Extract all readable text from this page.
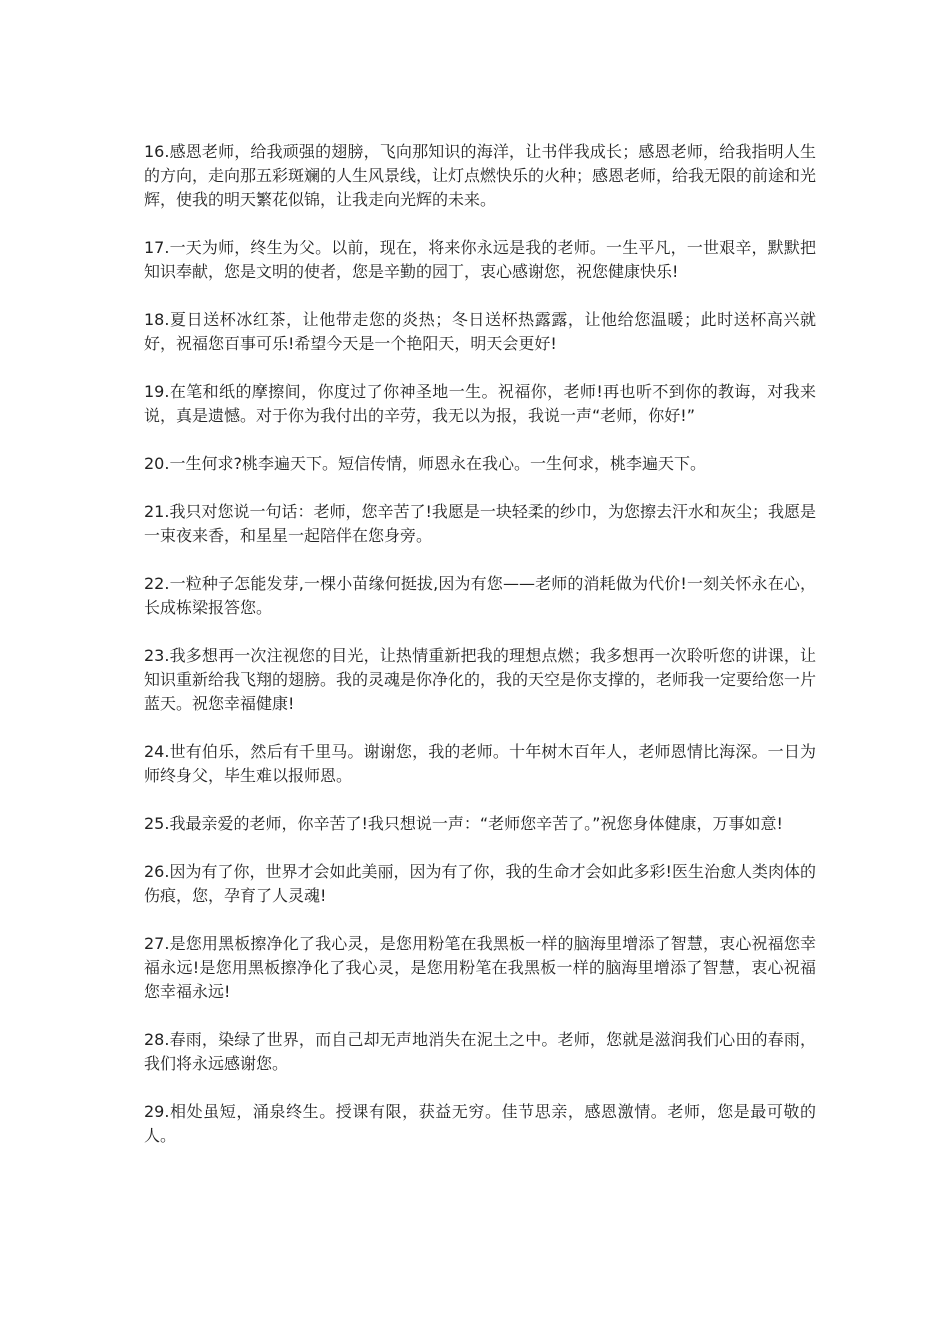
16.感恩老师，给我顽强的翅膀，飞向那知识的海洋，让书伴我成长；感恩老师，给我指明人生的方向，走向那五彩斑斓的人生风景线，让灯点燃快乐的火种；感恩老师，给我无限的前途和光辉，使我的明天繁花似锦，让我走向光辉的未来。

17.一天为师，终生为父。以前，现在，将来你永远是我的老师。一生平凡，一世艰辛，默默把知识奉献，您是文明的使者，您是辛勤的园丁，衷心感谢您，祝您健康快乐!

18.夏日送杯冰红茶，让他带走您的炎热；冬日送杯热露露，让他给您温暖；此时送杯高兴就好，祝福您百事可乐!希望今天是一个艳阳天，明天会更好!

19.在笔和纸的摩擦间，你度过了你神圣地一生。祝福你，老师!再也听不到你的教诲，对我来说，真是遗憾。对于你为我付出的辛劳，我无以为报，我说一声“老师，你好!”

20.一生何求?桃李遍天下。短信传情，师恩永在我心。一生何求，桃李遍天下。

21.我只对您说一句话：老师，您辛苦了!我愿是一块轻柔的纱巾，为您擦去汗水和灰尘；我愿是一束夜来香，和星星一起陪伴在您身旁。

22.一粒种子怎能发芽,一棵小苗缘何挺拔,因为有您——老师的消耗做为代价!一刻关怀永在心，长成栋梁报答您。

23.我多想再一次注视您的目光，让热情重新把我的理想点燃；我多想再一次聆听您的讲课，让知识重新给我飞翔的翅膀。我的灵魂是你净化的，我的天空是你支撑的，老师我一定要给您一片蓝天。祝您幸福健康!

24.世有伯乐，然后有千里马。谢谢您，我的老师。十年树木百年人，老师恩情比海深。一日为师终身父，毕生难以报师恩。

25.我最亲爱的老师，你辛苦了!我只想说一声：“老师您辛苦了。”祝您身体健康，万事如意!

26.因为有了你，世界才会如此美丽，因为有了你，我的生命才会如此多彩!医生治愈人类肉体的伤痕，您，孕育了人灵魂!

27.是您用黑板擦净化了我心灵，是您用粉笔在我黑板一样的脑海里增添了智慧，衷心祝福您幸福永远!是您用黑板擦净化了我心灵，是您用粉笔在我黑板一样的脑海里增添了智慧，衷心祝福您幸福永远!

28.春雨，染绿了世界，而自己却无声地消失在泥土之中。老师，您就是滋润我们心田的春雨，我们将永远感谢您。

29.相处虽短，涌泉终生。授课有限，获益无穷。佳节思亲，感恩激情。老师，您是最可敬的人。
